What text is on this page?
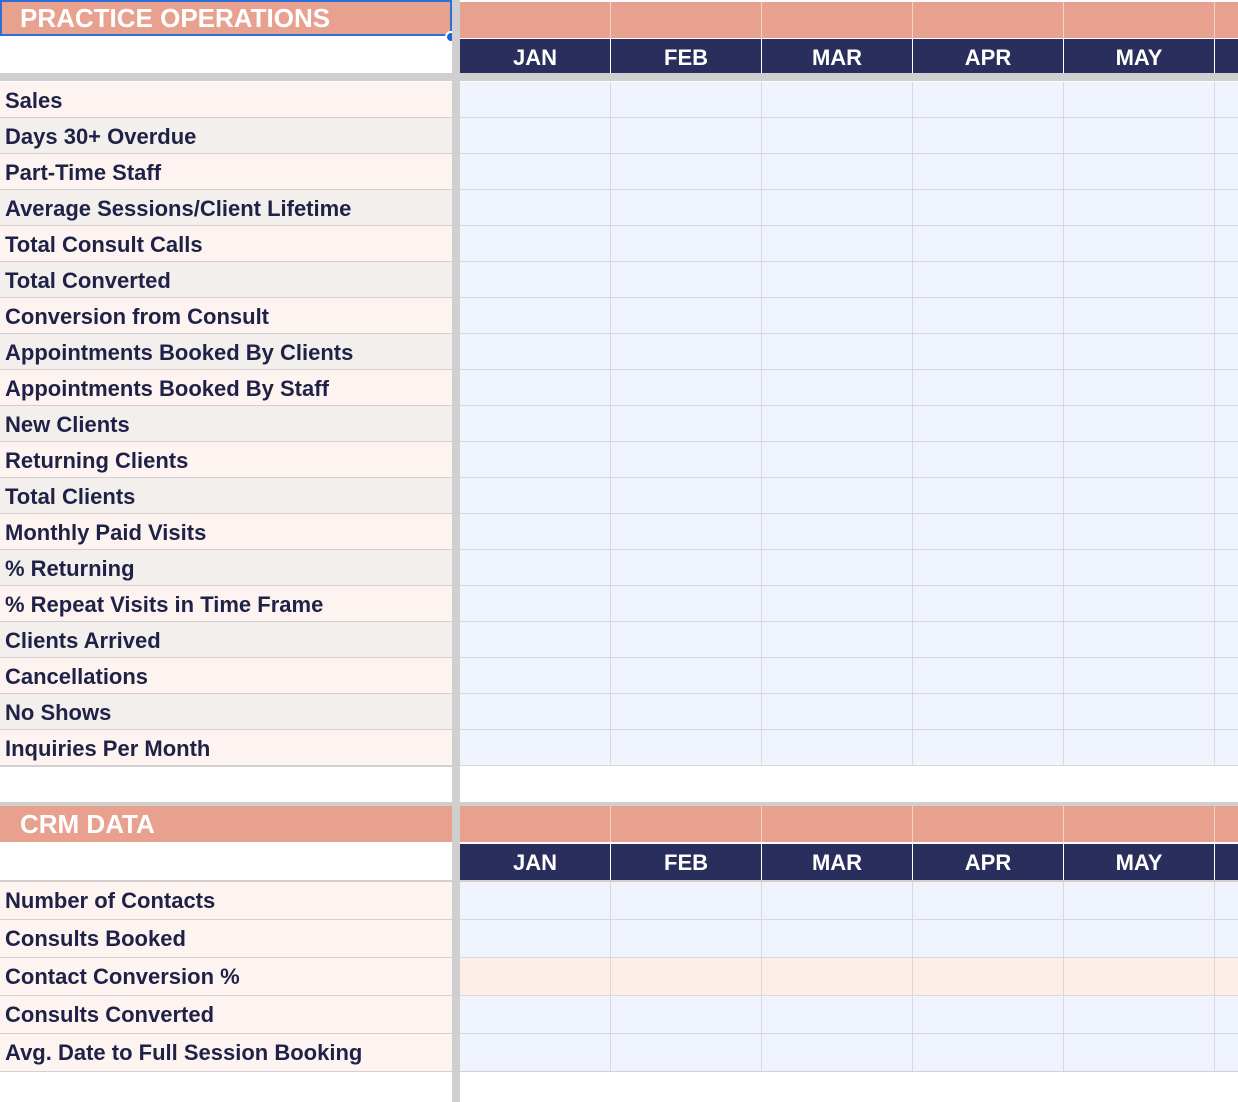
PRACTICE OPERATIONS
JAN	FEB	MAR	APR	MAY
Sales
Days 30+ Overdue
Part-Time Staff
Average Sessions/Client Lifetime
Total Consult Calls
Total Converted
Conversion from Consult
Appointments Booked By Clients
Appointments Booked By Staff
New Clients
Returning Clients
Total Clients
Monthly Paid Visits
% Returning
% Repeat Visits in Time Frame
Clients Arrived
Cancellations
No Shows
Inquiries Per Month
CRM DATA
JAN	FEB	MAR	APR	MAY
Number of Contacts
Consults Booked
Contact Conversion %
Consults Converted
Avg. Date to Full Session Booking
